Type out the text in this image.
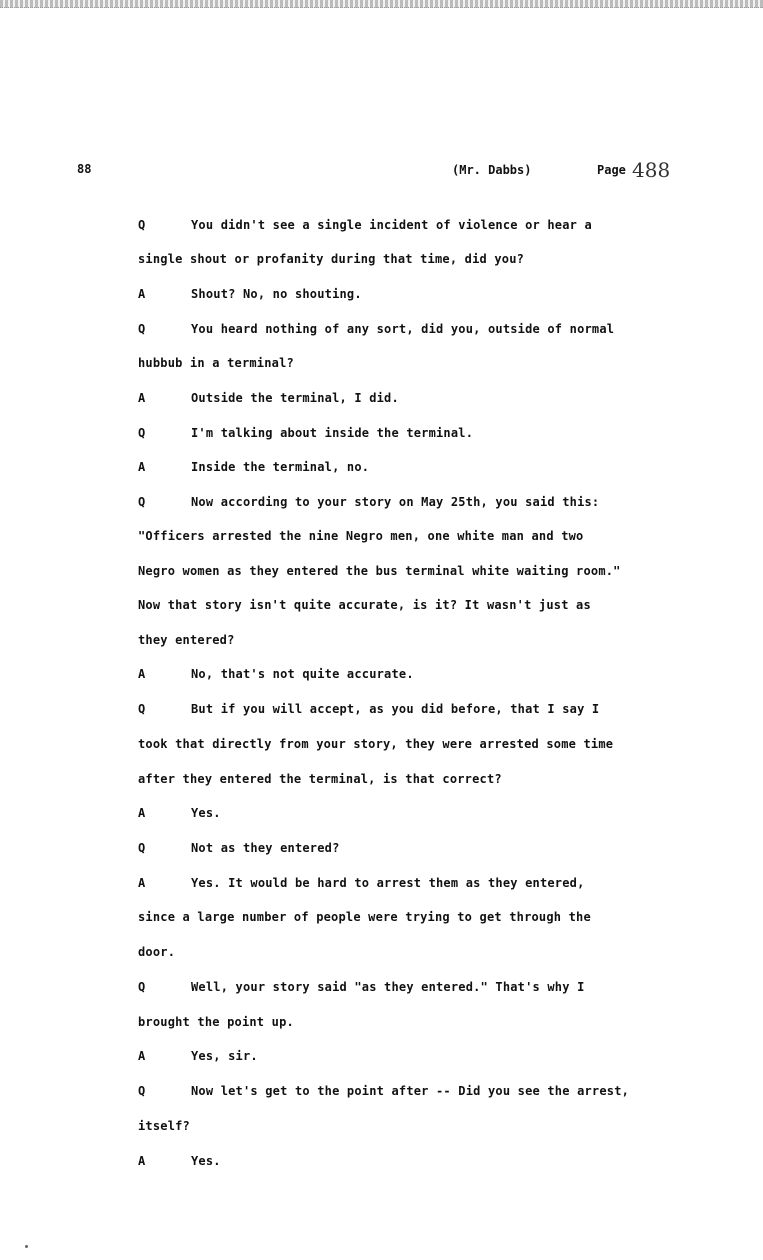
88	(Mr. Dabbs)	Page 488
Q	You didn't see a single incident of violence or hear a
single shout or profanity during that time, did you?
A	Shout? No, no shouting.
Q	You heard nothing of any sort, did you, outside of normal
hubbub in a terminal?
A	Outside the terminal, I did.
Q	I'm talking about inside the terminal.
A	Inside the terminal, no.
Q	Now according to your story on May 25th, you said this:
"Officers arrested the nine Negro men, one white man and two
Negro women as they entered the bus terminal white waiting room."
Now that story isn't quite accurate, is it? It wasn't just as
they entered?
A	No, that's not quite accurate.
Q	But if you will accept, as you did before, that I say I
took that directly from your story, they were arrested some time
after they entered the terminal, is that correct?
A	Yes.
Q	Not as they entered?
A	Yes. It would be hard to arrest them as they entered,
since a large number of people were trying to get through the
door.
Q	Well, your story said "as they entered." That's why I
brought the point up.
A	Yes, sir.
Q	Now let's get to the point after -- Did you see the arrest,
itself?
A	Yes.
